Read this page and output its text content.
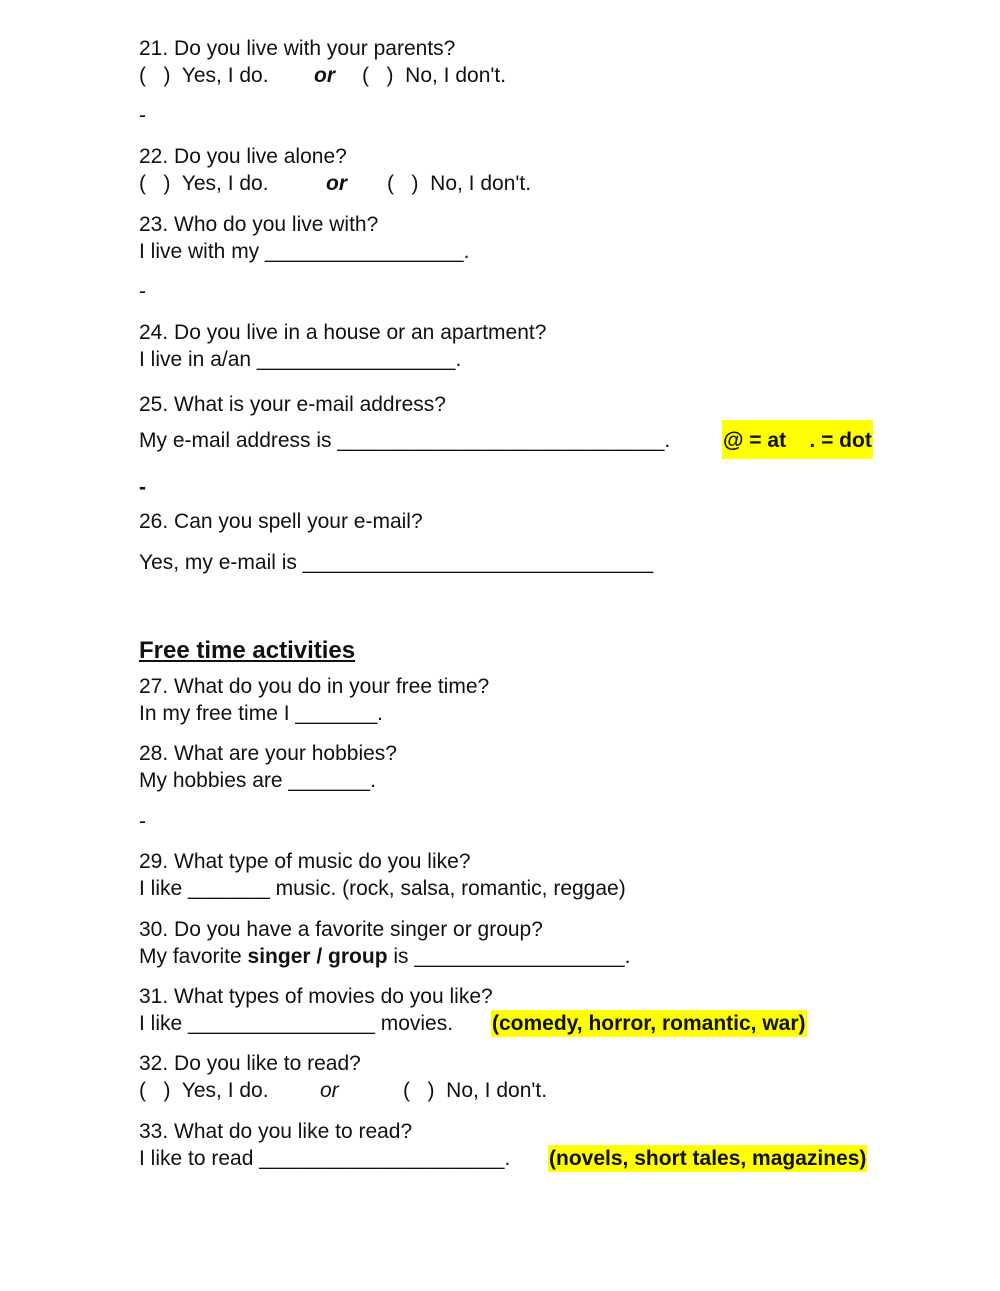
21. Do you live with your parents?
(   )  Yes, I do. or (   )  No, I don't.
-
22. Do you live alone?
(   )  Yes, I do.	or (   )  No, I don't.
23. Who do you live with?
I live with my _________________.
-
24. Do you live in a house or an apartment?
I live in a/an _________________.
25. What is your e-mail address?
My e-mail address is ____________________________.	@ = at    . = dot
-
26. Can you spell your e-mail?
Yes, my e-mail is ______________________________
Free time activities
27. What do you do in your free time?
In my free time I _______.
28. What are your hobbies?
My hobbies are _______.
-
29. What type of music do you like?
I like _______ music. (rock, salsa, romantic, reggae)
30. Do you have a favorite singer or group?
My favorite singer / group is __________________.
31. What types of movies do you like?
I like ________________ movies. (comedy, horror, romantic, war)
32. Do you like to read?
(   )  Yes, I do. or	(   )  No, I don't.
33. What do you like to read?
I like to read _____________________. (novels, short tales, magazines)
